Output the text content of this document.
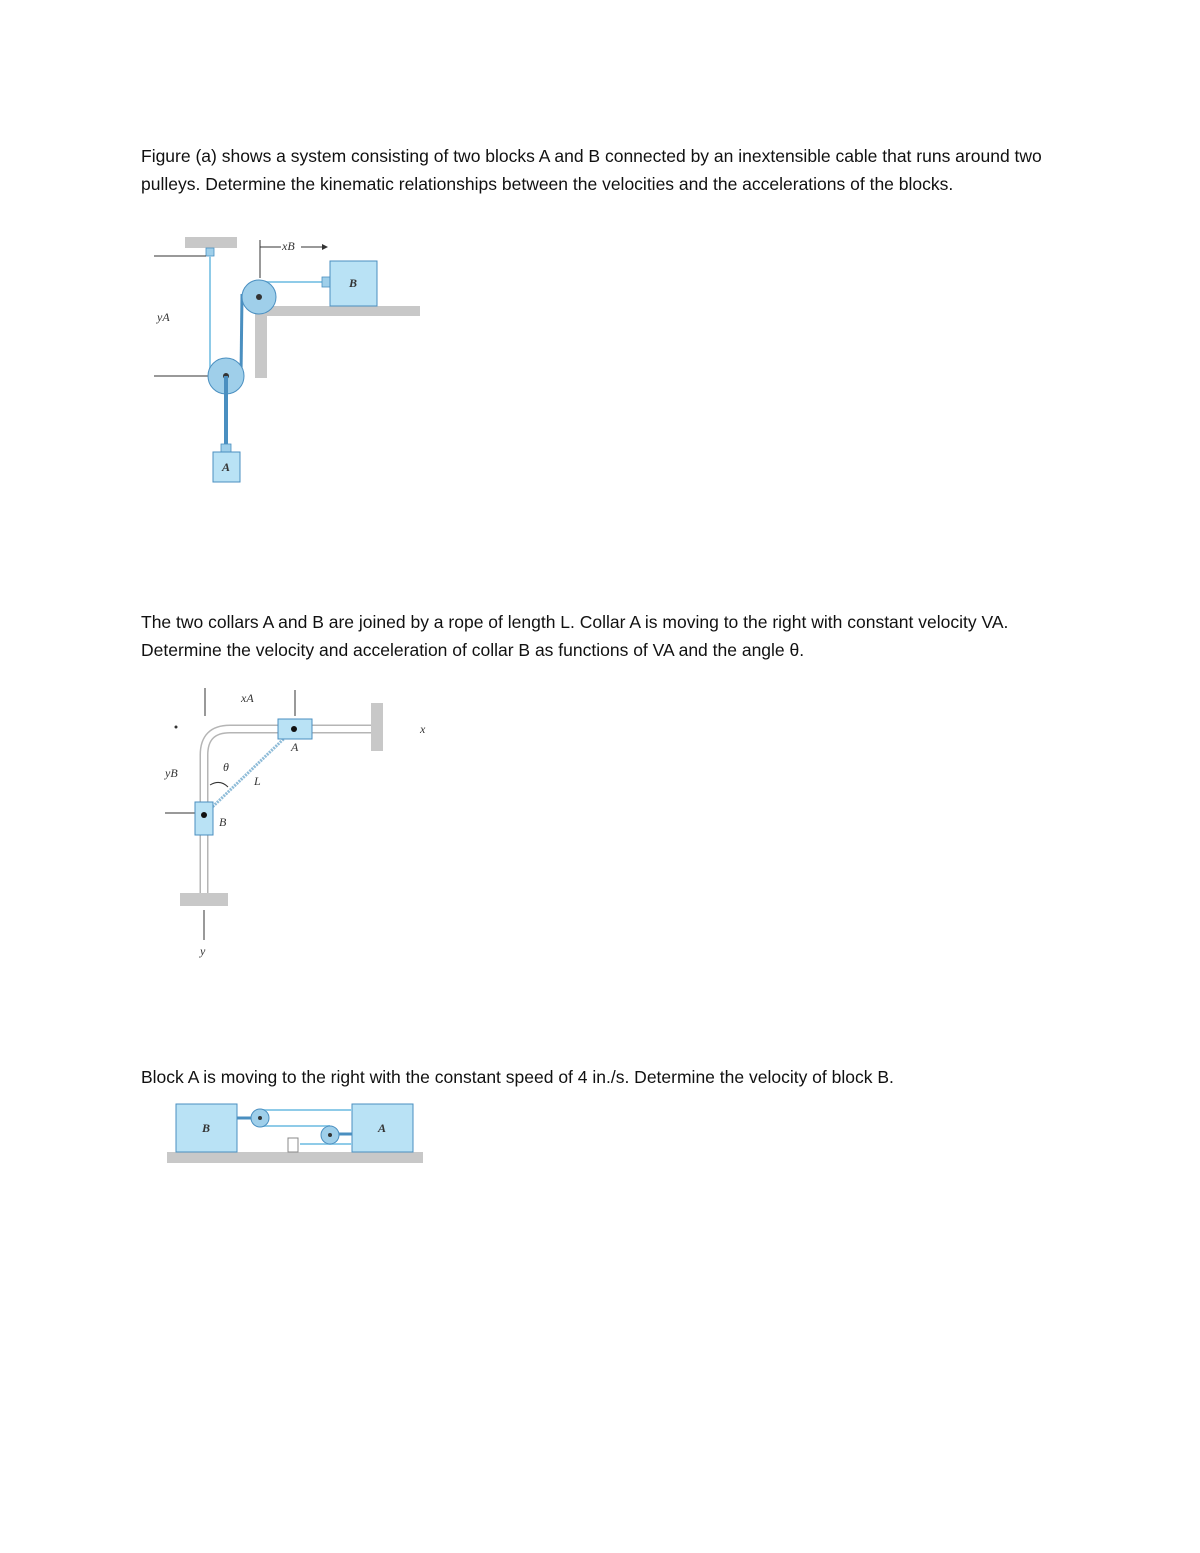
Figure (a) shows a system consisting of two blocks A and B connected by an inextensible cable that runs around two pulleys. Determine the kinematic relationships between the velocities and the accelerations of the blocks.

yA
xB
B
A

The two collars A and B are joined by a rope of length L. Collar A is moving to the right with constant velocity VA. Determine the velocity and acceleration of collar B as functions of VA and the angle θ.

xA
yB
y
A
B
θ
L
x

Block A is moving to the right with the constant speed of 4 in./s. Determine the velocity of block B.

B	A
